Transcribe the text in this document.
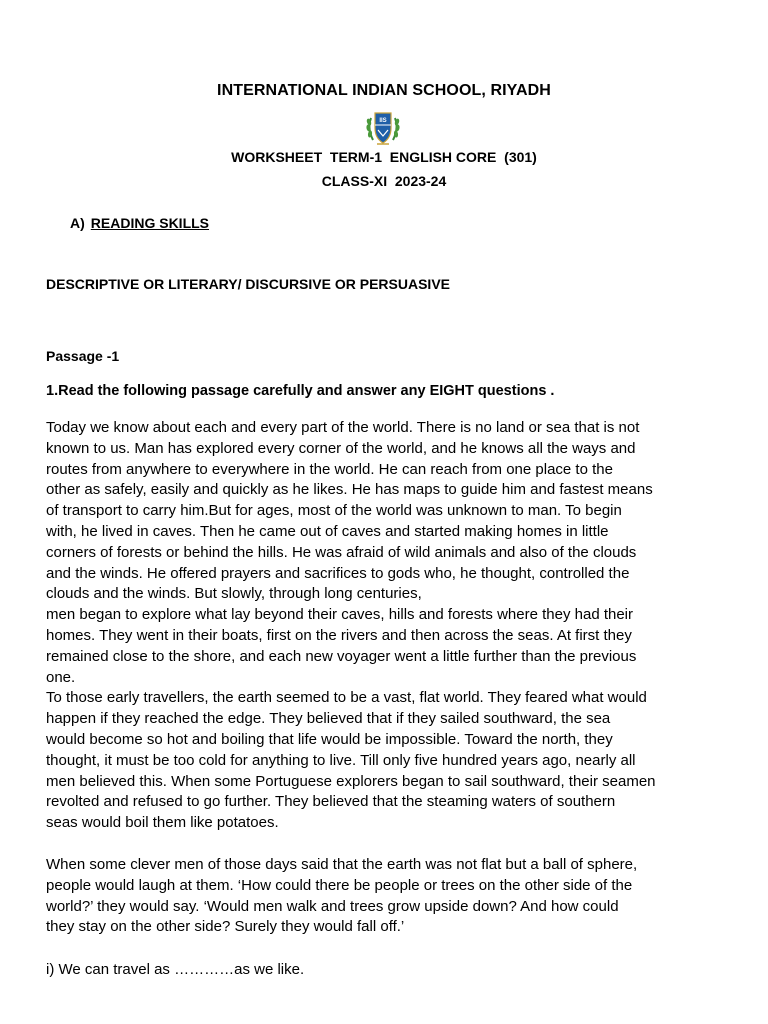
INTERNATIONAL INDIAN SCHOOL, RIYADH
IIS
WORKSHEET  TERM-1  ENGLISH CORE  (301)
CLASS-XI  2023-24
A) READING SKILLS
DESCRIPTIVE OR LITERARY/ DISCURSIVE OR PERSUASIVE
Passage -1
1.Read the following passage carefully and answer any EIGHT questions .
Today we know about each and every part of the world. There is no land or sea that is not
known to us. Man has explored every corner of the world, and he knows all the ways and
routes from anywhere to everywhere in the world. He can reach from one place to the
other as safely, easily and quickly as he likes. He has maps to guide him and fastest means
of transport to carry him.But for ages, most of the world was unknown to man. To begin
with, he lived in caves. Then he came out of caves and started making homes in little
corners of forests or behind the hills. He was afraid of wild animals and also of the clouds
and the winds. He offered prayers and sacrifices to gods who, he thought, controlled the
clouds and the winds. But slowly, through long centuries,
men began to explore what lay beyond their caves, hills and forests where they had their
homes. They went in their boats, first on the rivers and then across the seas. At first they
remained close to the shore, and each new voyager went a little further than the previous
one.
To those early travellers, the earth seemed to be a vast, flat world. They feared what would
happen if they reached the edge. They believed that if they sailed southward, the sea
would become so hot and boiling that life would be impossible. Toward the north, they
thought, it must be too cold for anything to live. Till only five hundred years ago, nearly all
men believed this. When some Portuguese explorers began to sail southward, their seamen
revolted and refused to go further. They believed that the steaming waters of southern
seas would boil them like potatoes.
When some clever men of those days said that the earth was not flat but a ball of sphere,
people would laugh at them. ‘How could there be people or trees on the other side of the
world?’ they would say. ‘Would men walk and trees grow upside down? And how could
they stay on the other side? Surely they would fall off.’
i) We can travel as …………as we like.
